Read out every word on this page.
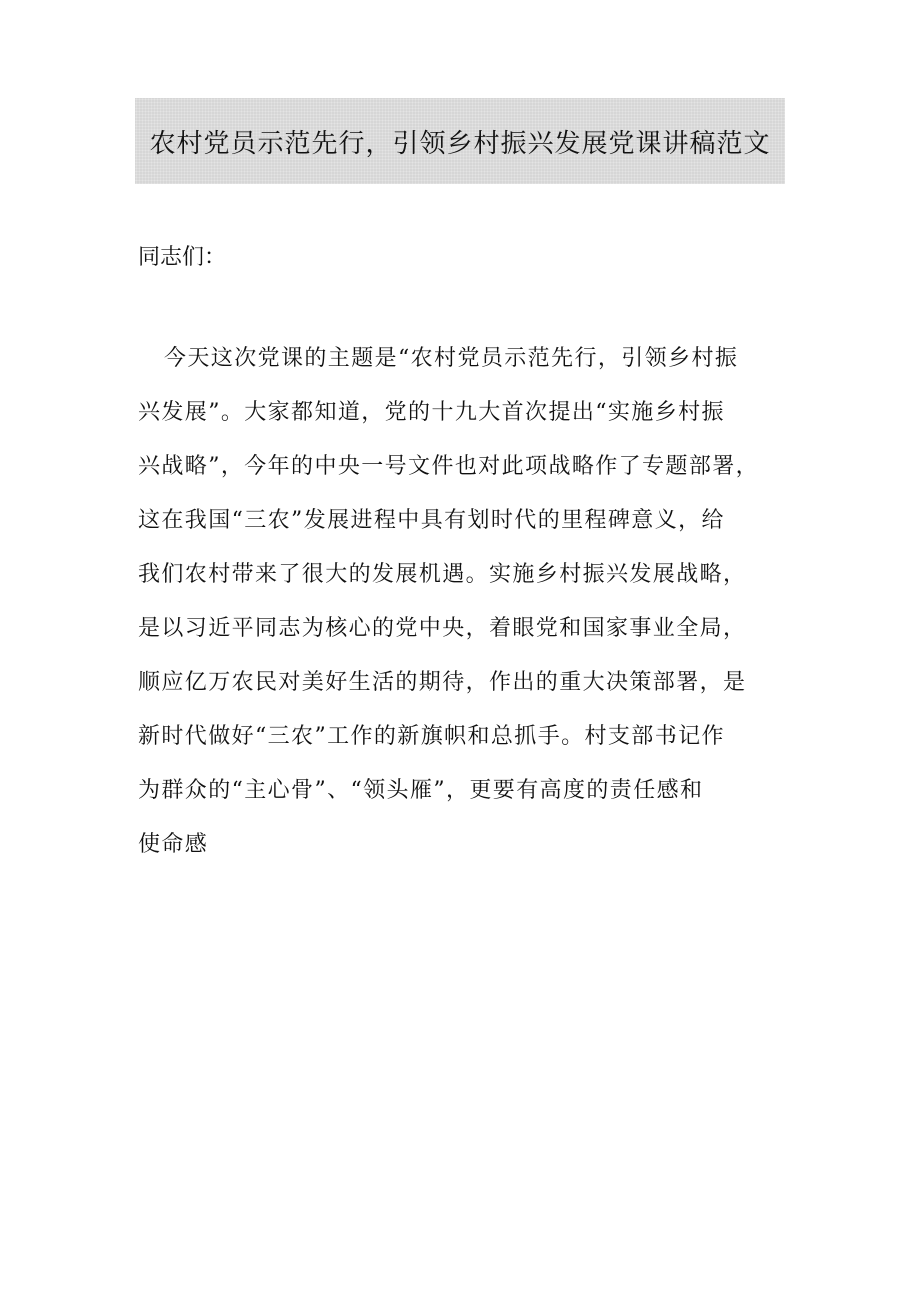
农村党员示范先行，引领乡村振兴发展党课讲稿范文
同志们：
今天这次党课的主题是“农村党员示范先行，引领乡村振
兴发展”。大家都知道，党的十九大首次提出“实施乡村振
兴战略”，今年的中央一号文件也对此项战略作了专题部署，
这在我国“三农”发展进程中具有划时代的里程碑意义，给
我们农村带来了很大的发展机遇。实施乡村振兴发展战略，
是以习近平同志为核心的党中央，着眼党和国家事业全局，
顺应亿万农民对美好生活的期待，作出的重大决策部署，是
新时代做好“三农”工作的新旗帜和总抓手。村支部书记作
为群众的“主心骨”、“领头雁”，更要有高度的责任感和
使命感
